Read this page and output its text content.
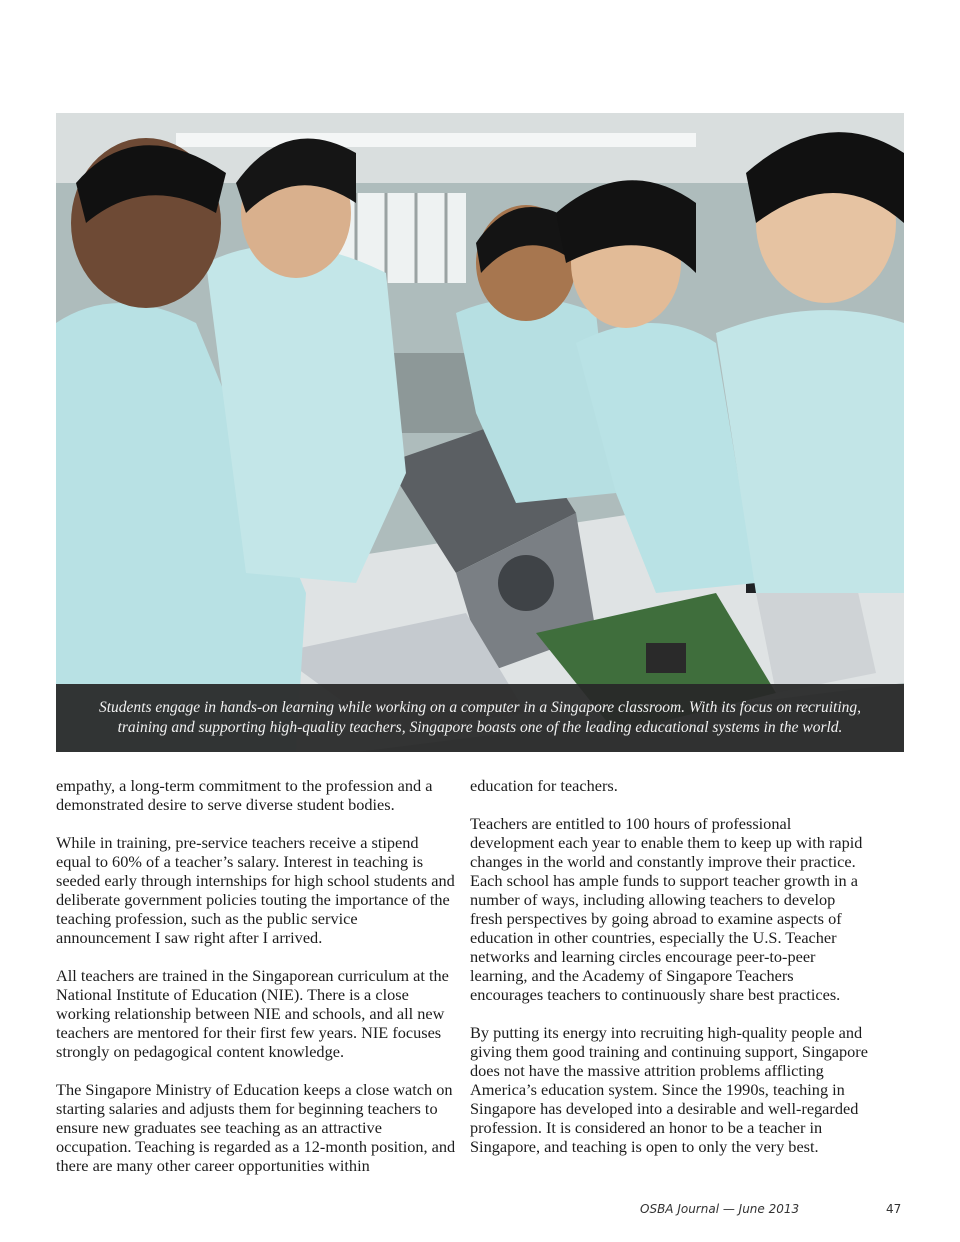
Students engage in hands-on learning while working on a computer in a Singapore classroom. With its focus on recruiting,
training and supporting high-quality teachers, Singapore boasts one of the leading educational systems in the world.

empathy, a long-term commitment to the profession and a demonstrated desire to serve diverse student bodies.

While in training, pre-service teachers receive a stipend equal to 60% of a teacher’s salary. Interest in teaching is seeded early through internships for high school students and deliberate government policies touting the importance of the teaching profession, such as the public service announcement I saw right after I arrived.

All teachers are trained in the Singaporean curriculum at the National Institute of Education (NIE). There is a close working relationship between NIE and schools, and all new teachers are mentored for their first few years. NIE focuses strongly on pedagogical content knowledge.

The Singapore Ministry of Education keeps a close watch on starting salaries and adjusts them for beginning teachers to ensure new graduates see teaching as an attractive occupation. Teaching is regarded as a 12-month position, and there are many other career opportunities within

education for teachers.

Teachers are entitled to 100 hours of professional development each year to enable them to keep up with rapid changes in the world and constantly improve their practice. Each school has ample funds to support teacher growth in a number of ways, including allowing teachers to develop fresh perspectives by going abroad to examine aspects of education in other countries, especially the U.S. Teacher networks and learning circles encourage peer-to-peer learning, and the Academy of Singapore Teachers encourages teachers to continuously share best practices.

By putting its energy into recruiting high-quality people and giving them good training and continuing support, Singapore does not have the massive attrition problems afflicting America’s education system. Since the 1990s, teaching in Singapore has developed into a desirable and well-regarded profession. It is considered an honor to be a teacher in Singapore, and teaching is open to only the very best.

OSBA Journal — June 2013	47
